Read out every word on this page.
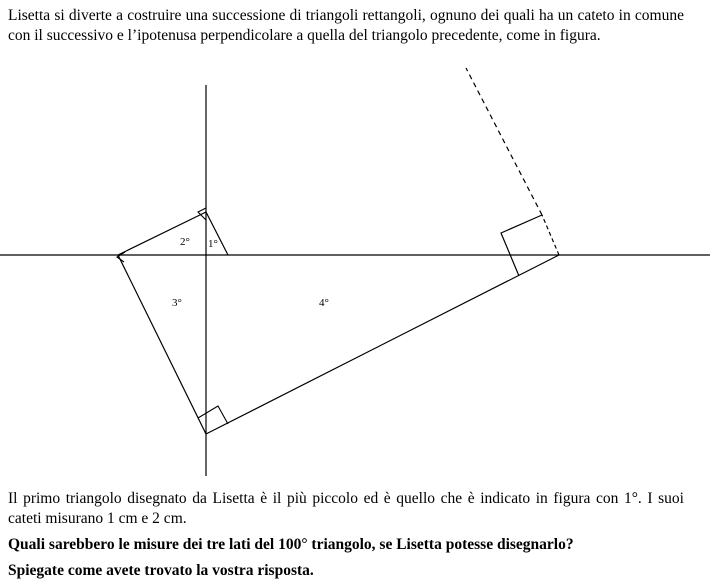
Lisetta si diverte a costruire una successione di triangoli rettangoli, ognuno dei quali ha un cateto in comune con il successivo e l’ipotenusa perpendicolare a quella del triangolo precedente, come in figura.

1°
2°
3°	4°

Il primo triangolo disegnato da Lisetta è il più piccolo ed è quello che è indicato in figura con 1°. I suoi cateti misurano 1 cm e 2 cm.

Quali sarebbero le misure dei tre lati del 100° triangolo, se Lisetta potesse disegnarlo?

Spiegate come avete trovato la vostra risposta.
